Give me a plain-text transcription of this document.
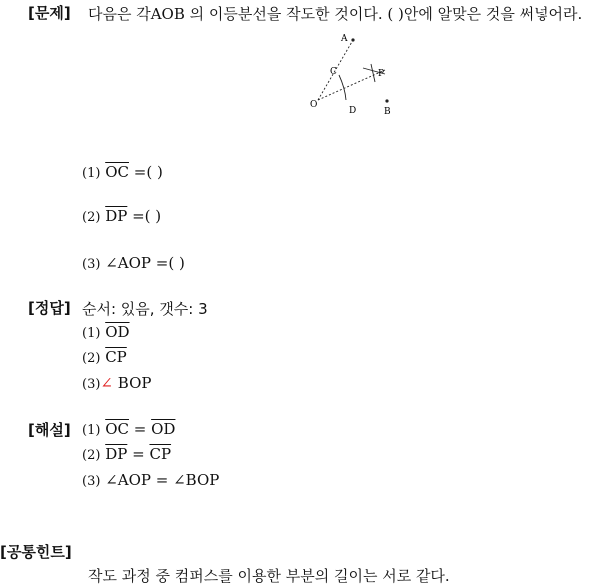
[문제] 다음은 각AOB 의 이등분선을 작도한 것이다. ( )안에 알맞은 것을 써넣어라.
A
C	P
O
D	B
(1) $\overline{OC}$ =( )
(2) $\overline{DP}$ =( )
(3) ∠AOP =( )
[정답] 순서: 있음, 갯수: 3
(1) $\overline{OD}$
(2) $\overline{CP}$
(3)∠ BOP
[해설] (1) $\overline{OC} = \overline{OD}$
(2) $\overline{DP} = \overline{CP}$
(3) ∠AOP = ∠BOP
[공통힌트]
작도 과정 중 컴퍼스를 이용한 부분의 길이는 서로 같다.
